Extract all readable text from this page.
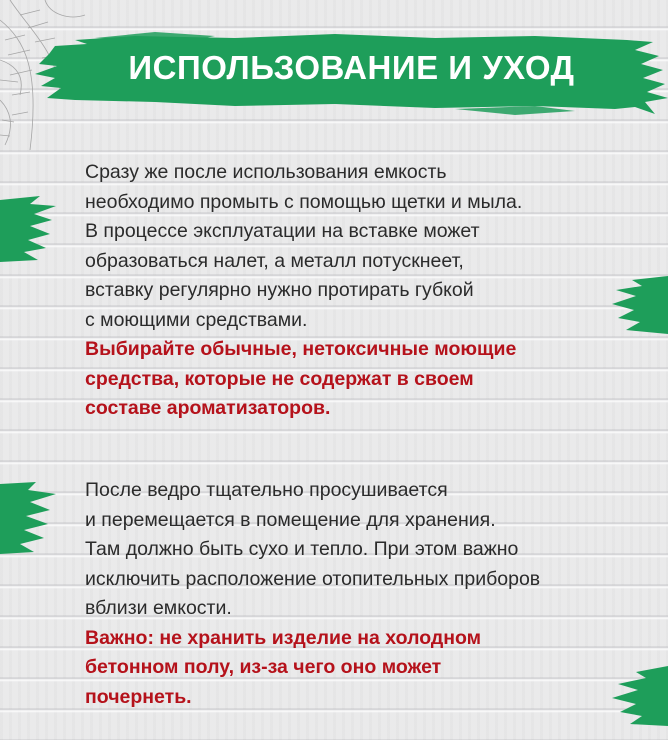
ИСПОЛЬЗОВАНИЕ И УХОД
Сразу же после использования емкость
необходимо промыть с помощью щетки и мыла.
В процессе эксплуатации на вставке может
образоваться налет, а металл потускнеет,
вставку регулярно нужно протирать губкой
с моющими средствами.
Выбирайте обычные, нетоксичные моющие
средства, которые не содержат в своем
составе ароматизаторов.
После ведро тщательно просушивается
и перемещается в помещение для хранения.
Там должно быть сухо и тепло. При этом важно
исключить расположение отопительных приборов
вблизи емкости.
Важно: не хранить изделие на холодном
бетонном полу, из-за чего оно может
почернеть.
